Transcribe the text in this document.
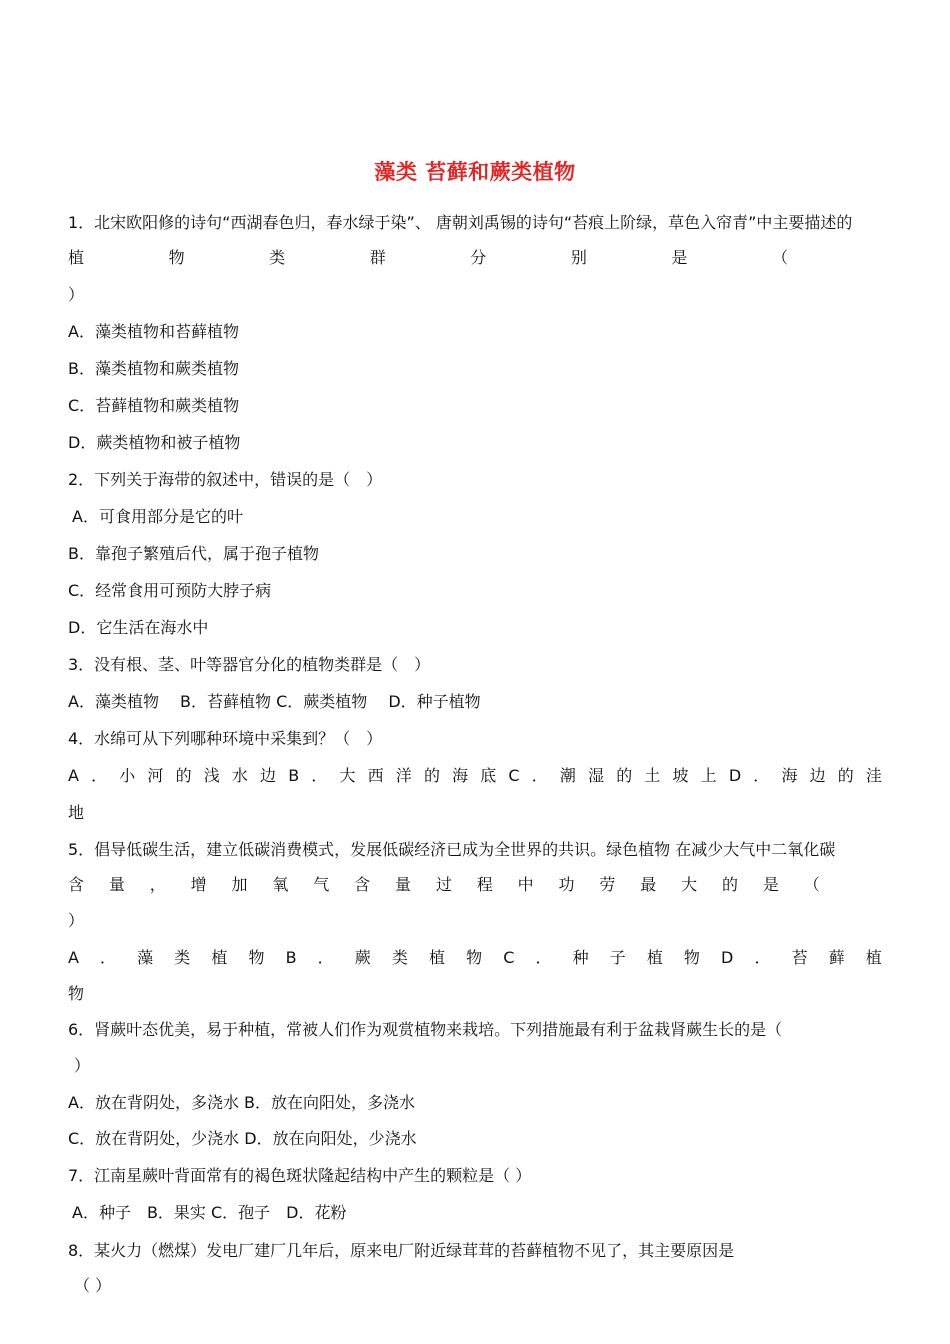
藻类 苔藓和蕨类植物
1．北宋欧阳修的诗句“西湖春色归，春水绿于染”、 唐朝刘禹锡的诗句“苔痕上阶绿，草色入帘青”中主要描述的
植	物	类	群	分	别	是	（
）
A．藻类植物和苔藓植物
B．藻类植物和蕨类植物
C．苔藓植物和蕨类植物
D．蕨类植物和被子植物
2．下列关于海带的叙述中，错误的是（　）
A．可食用部分是它的叶
B．靠孢子繁殖后代，属于孢子植物
C．经常食用可预防大脖子病
D．它生活在海水中
3．没有根、茎、叶等器官分化的植物类群是（　）
A．藻类植物　 B．苔藓植物 C．蕨类植物　 D．种子植物
4．水绵可从下列哪种环境中采集到？（　）
A ． 小 河 的 浅 水 边 B ． 大 西 洋 的 海 底 C ． 潮 湿 的 土 坡 上 D ． 海 边 的 洼
地
5．倡导低碳生活，建立低碳消费模式，发展低碳经济已成为全世界的共识。绿色植物 在减少大气中二氧化碳
含 量 ， 增 加 氧 气 含 量 过 程 中 功 劳 最 大 的 是 （
）
A ． 藻 类 植 物 B ． 蕨 类 植 物 C ． 种 子 植 物 D ． 苔 藓 植
物
6．肾蕨叶态优美，易于种植，常被人们作为观赏植物来栽培。下列措施最有利于盆栽肾蕨生长的是（
）
A．放在背阴处，多浇水 B．放在向阳处，多浇水
C．放在背阴处，少浇水 D．放在向阳处，少浇水
7．江南星蕨叶背面常有的褐色斑状隆起结构中产生的颗粒是（ ）
A．种子　B．果实 C．孢子　D．花粉
8．某火力（燃煤）发电厂建厂几年后，原来电厂附近绿茸茸的苔藓植物不见了，其主要原因是
（ ）
